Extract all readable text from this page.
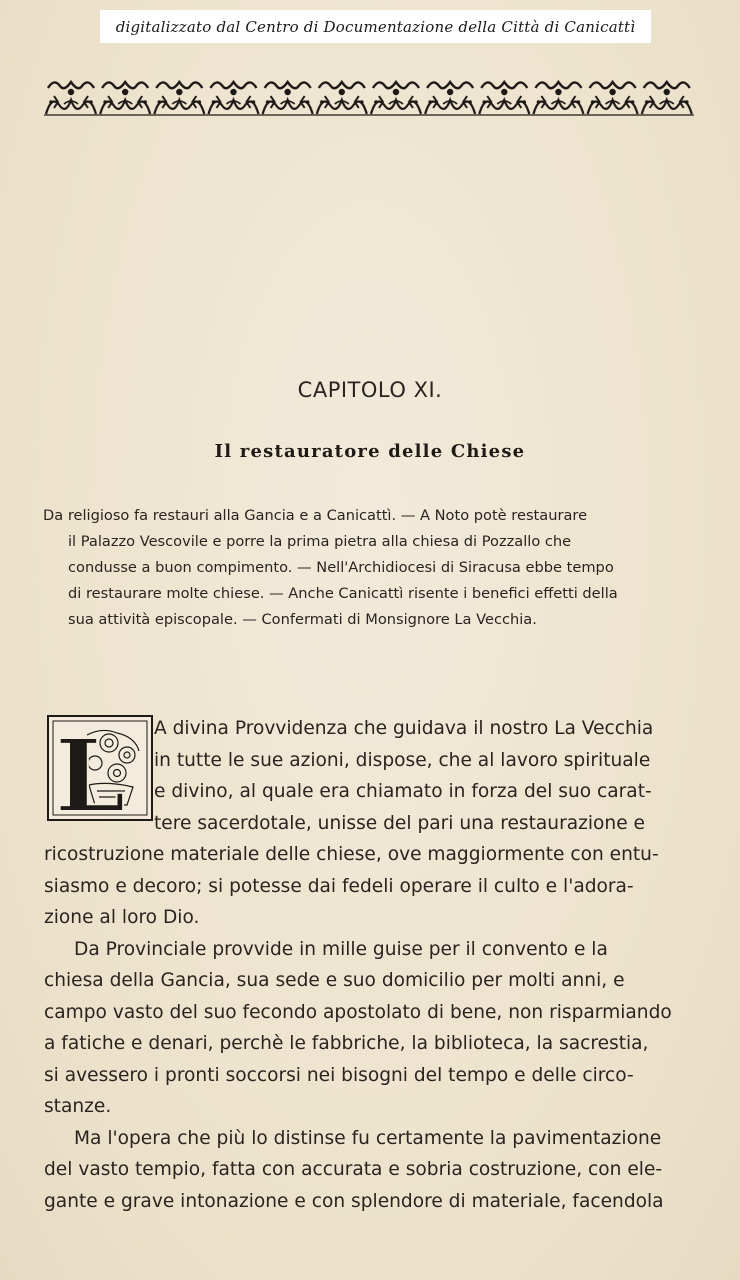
digitalizzato dal Centro di Documentazione della Città di Canicattì
CAPITOLO XI.
Il restauratore delle Chiese
Da religioso fa restauri alla Gancia e a Canicattì. — A Noto potè restaurare
il Palazzo Vescovile e porre la prima pietra alla chiesa di Pozzallo che
condusse a buon compimento. — Nell'Archidiocesi di Siracusa ebbe tempo
di restaurare molte chiese. — Anche Canicattì risente i benefici effetti della
sua attività episcopale. — Confermati di Monsignore La Vecchia.
L	A divina Provvidenza che guidava il nostro La Vecchia
in tutte le sue azioni, dispose, che al lavoro spirituale
e divino, al quale era chiamato in forza del suo carat-
tere sacerdotale, unisse del pari una restaurazione e
ricostruzione materiale delle chiese, ove maggiormente con entu-
siasmo e decoro; si potesse dai fedeli operare il culto e l'adora-
zione al loro Dio.
Da Provinciale provvide in mille guise per il convento e la
chiesa della Gancia, sua sede e suo domicilio per molti anni, e
campo vasto del suo fecondo apostolato di bene, non risparmiando
a fatiche e denari, perchè le fabbriche, la biblioteca, la sacrestia,
si avessero i pronti soccorsi nei bisogni del tempo e delle circo-
stanze.
Ma l'opera che più lo distinse fu certamente la pavimentazione
del vasto tempio, fatta con accurata e sobria costruzione, con ele-
gante e grave intonazione e con splendore di materiale, facendola
